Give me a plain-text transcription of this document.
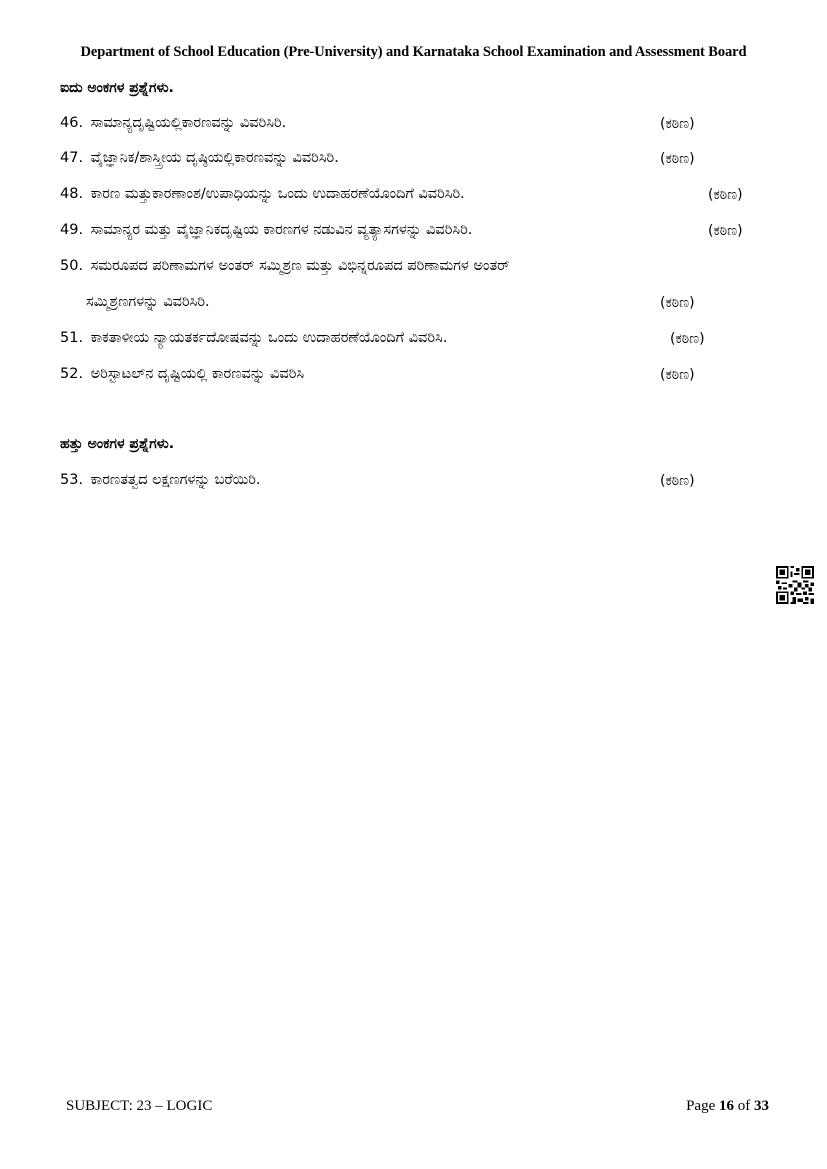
Department of School Education (Pre-University) and Karnataka School Examination and Assessment Board
ಐದು ಅಂಕಗಳ ಪ್ರಶ್ನೆಗಳು.
46. ಸಾಮಾನ್ಯದೃಷ್ಟಿಯಲ್ಲಿಕಾರಣವನ್ನು ವಿವರಿಸಿರಿ.	(ಕಠಿಣ)
47. ವೈಜ್ಞಾನಿಕ/ಶಾಸ್ತ್ರೀಯ ದೃಷ್ಠಿಯಲ್ಲಿಕಾರಣವನ್ನು ವಿವರಿಸಿರಿ.	(ಕಠಿಣ)
48. ಕಾರಣ ಮತ್ತುಕಾರಣಾಂಶ/ಉಪಾಧಿಯನ್ನು ಒಂದು ಉದಾಹರಣೆಯೊಂದಿಗೆ ವಿವರಿಸಿರಿ.	(ಕಠಿಣ)
49. ಸಾಮಾನ್ಯರ ಮತ್ತು ವೈಜ್ಞಾನಿಕದೃಷ್ಟಿಯ ಕಾರಣಗಳ ನಡುವಿನ ವ್ಯತ್ಯಾಸಗಳನ್ನು ವಿವರಿಸಿರಿ.	(ಕಠಿಣ)
50. ಸಮರೂಪದ ಪರಿಣಾಮಗಳ ಅಂತರ್ ಸಮ್ಮಿಶ್ರಣ ಮತ್ತು ವಿಭಿನ್ನರೂಪದ ಪರಿಣಾಮಗಳ ಅಂತರ್
ಸಮ್ಮಿಶ್ರಣಗಳನ್ನು ವಿವರಿಸಿರಿ.	(ಕಠಿಣ)
51. ಕಾಕತಾಳೀಯ ನ್ಯಾಯತರ್ಕದೋಷವನ್ನು ಒಂದು ಉದಾಹರಣೆಯೊಂದಿಗೆ ವಿವರಿಸಿ.	(ಕಠಿಣ)
52. ಅರಿಸ್ಟಾಟಲ್‌ನ ದೃಷ್ಟಿಯಲ್ಲಿ ಕಾರಣವನ್ನು ವಿವರಿಸಿ	(ಕಠಿಣ)
ಹತ್ತು ಅಂಕಗಳ ಪ್ರಶ್ನೆಗಳು.
53. ಕಾರಣತತ್ವದ ಲಕ್ಷಣಗಳನ್ನು ಬರೆಯಿರಿ.	(ಕಠಿಣ)
SUBJECT: 23 – LOGIC	Page 16 of 33
